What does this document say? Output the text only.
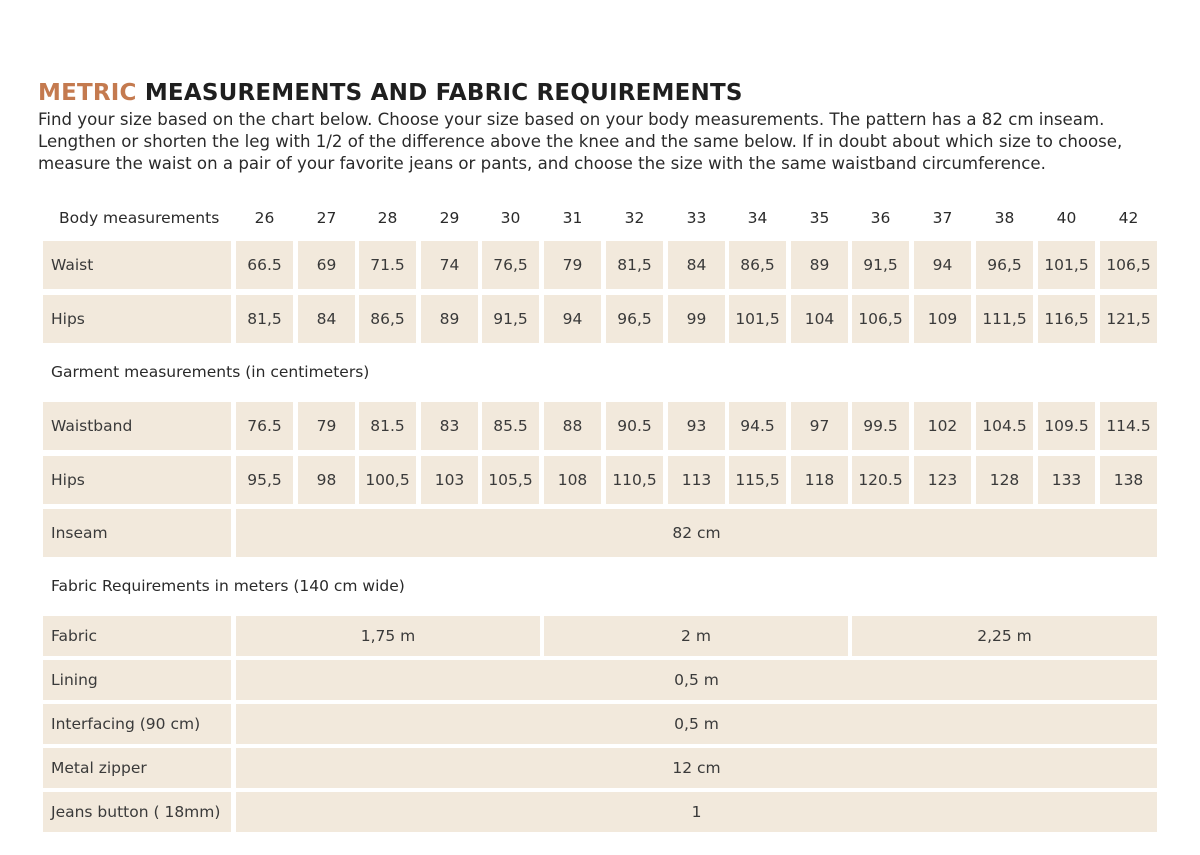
METRIC MEASUREMENTS AND FABRIC REQUIREMENTS
Find your size based on the chart below. Choose your size based on your body measurements. The pattern has a 82 cm inseam.
Lengthen or shorten the leg with 1/2 of the difference above the knee and the same below. If in doubt about which size to choose,
measure the waist on a pair of your favorite jeans or pants, and choose the size with the same waistband circumference.
Body measurements	26	27	28	29	30	31	32	33	34	35	36	37	38	40	42
Waist	66.5	69	71.5	74	76,5	79	81,5	84	86,5	89	91,5	94	96,5	101,5	106,5
Hips	81,5	84	86,5	89	91,5	94	96,5	99	101,5	104	106,5	109	111,5	116,5	121,5
Garment measurements (in centimeters)
Waistband	76.5	79	81.5	83	85.5	88	90.5	93	94.5	97	99.5	102	104.5	109.5	114.5
Hips	95,5	98	100,5	103	105,5	108	110,5	113	115,5	118	120.5	123	128	133	138
Inseam	82 cm
Fabric Requirements in meters (140 cm wide)
Fabric	1,75 m	2 m	2,25 m
Lining	0,5 m
Interfacing (90 cm)	0,5 m
Metal zipper	12 cm
Jeans button ( 18mm)	1
